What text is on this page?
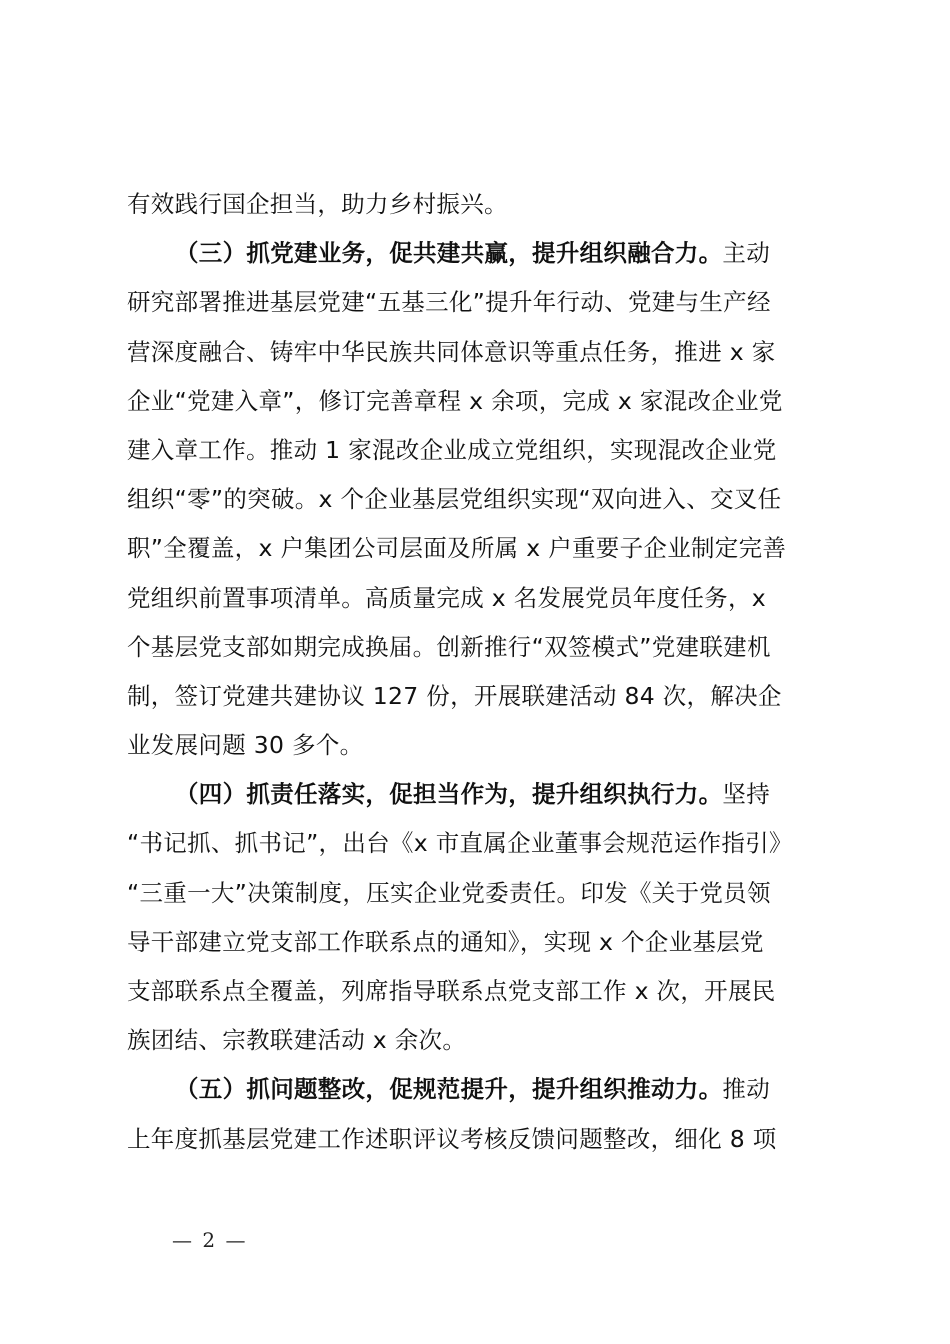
有效践行国企担当，助力乡村振兴。
（三）抓党建业务，促共建共赢，提升组织融合力。主动
研究部署推进基层党建“五基三化”提升年行动、党建与生产经
营深度融合、铸牢中华民族共同体意识等重点任务，推进 x 家
企业“党建入章”，修订完善章程 x 余项，完成 x 家混改企业党
建入章工作。推动 1 家混改企业成立党组织，实现混改企业党
组织“零”的突破。x 个企业基层党组织实现“双向进入、交叉任
职”全覆盖，x 户集团公司层面及所属 x 户重要子企业制定完善
党组织前置事项清单。高质量完成 x 名发展党员年度任务，x
个基层党支部如期完成换届。创新推行“双签模式”党建联建机
制，签订党建共建协议 127 份，开展联建活动 84 次，解决企
业发展问题 30 多个。
（四）抓责任落实，促担当作为，提升组织执行力。坚持
“书记抓、抓书记”，出台《x 市直属企业董事会规范运作指引》
“三重一大”决策制度，压实企业党委责任。印发《关于党员领
导干部建立党支部工作联系点的通知》，实现 x 个企业基层党
支部联系点全覆盖，列席指导联系点党支部工作 x 次，开展民
族团结、宗教联建活动 x 余次。
（五）抓问题整改，促规范提升，提升组织推动力。推动
上年度抓基层党建工作述职评议考核反馈问题整改，细化 8 项
— 2 —
